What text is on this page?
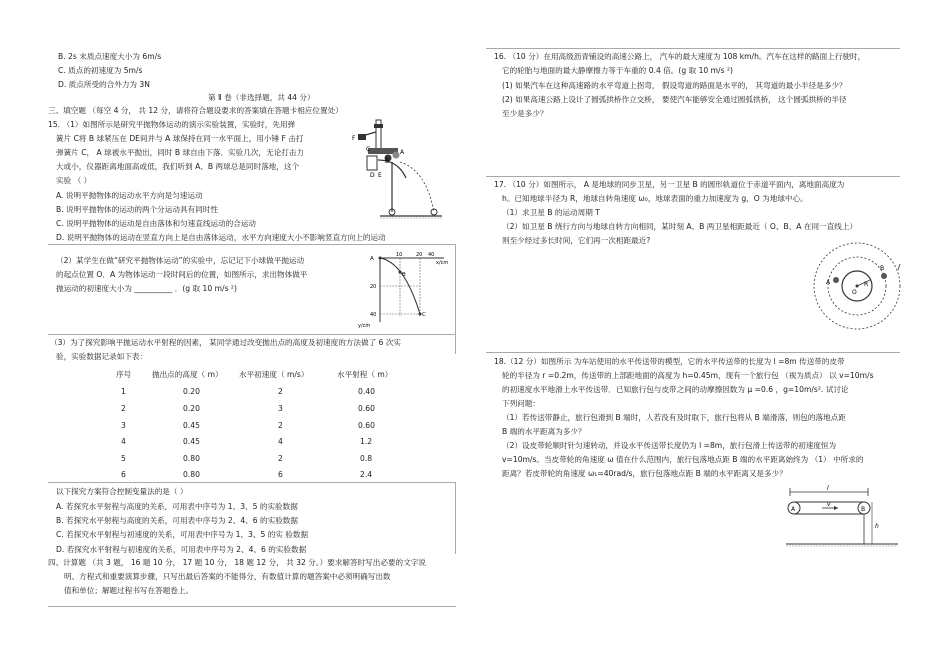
B. 2s 末质点速度大小为 6m/s
C. 质点的初速度为 5m/s
D. 质点所受的合外力为 3N
第 Ⅱ 卷（非选择题，共 44 分）
三、填空题 （每空 4 分， 共 12 分，请将符合题设要求的答案填在答题卡相应位置处）
15. （1）如图所示是研究平抛物体运动的演示实验装置，实验时，先用弹
簧片 C将 B 球紧压在 DE间并与 A 球保持在同一水平面上，用小锤 F 击打
弹簧片 C， A 球被水平抛出，同时 B 球自由下落．实验几次，无论打击力
大或小，仪器距离地面高或低，我们听到 A、B 两球总是同时落地，这个
实验 （ ）
A. 说明平抛物体的运动水平方向是匀速运动
B. 说明平抛物体的运动的两个分运动具有同时性
C. 说明平抛物体的运动是自由落体和匀速直线运动的合运动
D. 说明平抛物体的运动在竖直方向上是自由落体运动，水平方向速度大小不影响竖直方向上的运动
（2）某学生在做“研究平抛物体运动”的实验中，忘记记下小球做平抛运动
的起点位置 O．A 为物体运动一段时间后的位置，如图所示，求出物体做平
抛运动的初速度大小为 __________ ．(g 取 10 m/s ²)
（3）为了探究影响平抛运动水平射程的因素， 某同学通过改变抛出点的高度及初速度的方法做了 6 次实
验，实验数据记录如下表：
序号	抛出点的高度（ m） 水平初速度（ m/s）	水平射程（ m）
1	0.20	2	0.40
2	0.20	3	0.60
3	0.45	2	0.60
4	0.45	4	1.2
5	0.80	2	0.8
6	0.80	6	2.4
以下探究方案符合控制变量法的是（ ）
A. 若探究水平射程与高度的关系，可用表中序号为 1、3、5 的实验数据
B. 若探究水平射程与高度的关系，可用表中序号为 2、4、6 的实验数据
C. 若探究水平射程与初速度的关系，可用表中序号为 1、3、5 的实 验数据
D. 若探究水平射程与初速度的关系，可用表中序号为 2、4、6 的实验数据
四、计算题 （共 3 题， 16 题 10 分， 17 题 10 分， 18 题 12 分， 共 32 分。）要求解答时写出必要的文字说
明、方程式和重要演算步骤，只写出最后答案的不能得分，有数值计算的题答案中必须明确写出数
值和单位；解题过程书写在答题卷上。
F
C	A
B
D E
A
B
C
10	20 40
x/cm
20
40
y/cm
16. （10 分）在用高级沥青铺设的高速公路上， 汽车的最大速度为 108 km/h。汽车在这样的路面上行驶时，
它的轮胎与地面的最大静摩擦力等于车重的 0.4 倍。(g 取 10 m/s ²)
(1) 如果汽车在这种高速路的水平弯道上拐弯， 假设弯道的路面是水平的， 其弯道的最小半径是多少？
(2) 如果高速公路上设计了圆弧拱桥作立交桥， 要使汽车能够安全通过圆弧拱桥， 这个圆弧拱桥的半径
至少是多少？
17. （10 分）如图所示， A 是地球的同步卫星，另一卫星 B 的圆形轨道位于赤道平面内，离地面高度为
h。已知地球半径为 R，地球自转角速度 ω₀，地球表面的重力加速度为 g，O 为地球中心。
（1）求卫星 B 的运动周期 T
（2）如卫星 B 绕行方向与地球自转方向相同，某时刻 A、B 两卫星相距最近（ O、B、A 在同一直线上）
则至少经过多长时间，它们再一次相距最近?
A
B
O
R
18.（12 分）如图所示 为车站使用的水平传送带的模型，它的水平传送带的长度为 l =8m 传送带的皮带
轮的半径为 r =0.2m，传送带的上部距地面的高度为 h=0.45m，现有一个旅行包 （视为质点） 以 v=10m/s
的初速度水平地滑上水平传送带．已知旅行包与皮带之间的动摩擦因数为 μ =0.6 ，g=10m/s². 试讨论
下列问题：
（1）若传送带静止，旅行包滑到 B 端时，人若没有及时取下，旅行包将从 B 端滑落，则包的落地点距
B 端的水平距离为多少？
（2）设皮带轮顺时针匀速转动，并设水平传送带长度仍为 l =8m，旅行包滑上传送带的初速度恒为
v=10m/s。当皮带轮的角速度 ω 值在什么范围内，旅行包落地点距 B 端的水平距离始终为 （1） 中所求的
距离？若皮带轮的角速度 ω₁=40rad/s，旅行包落地点距 B 端的水平距离又是多少？
l
A	B
v
h
